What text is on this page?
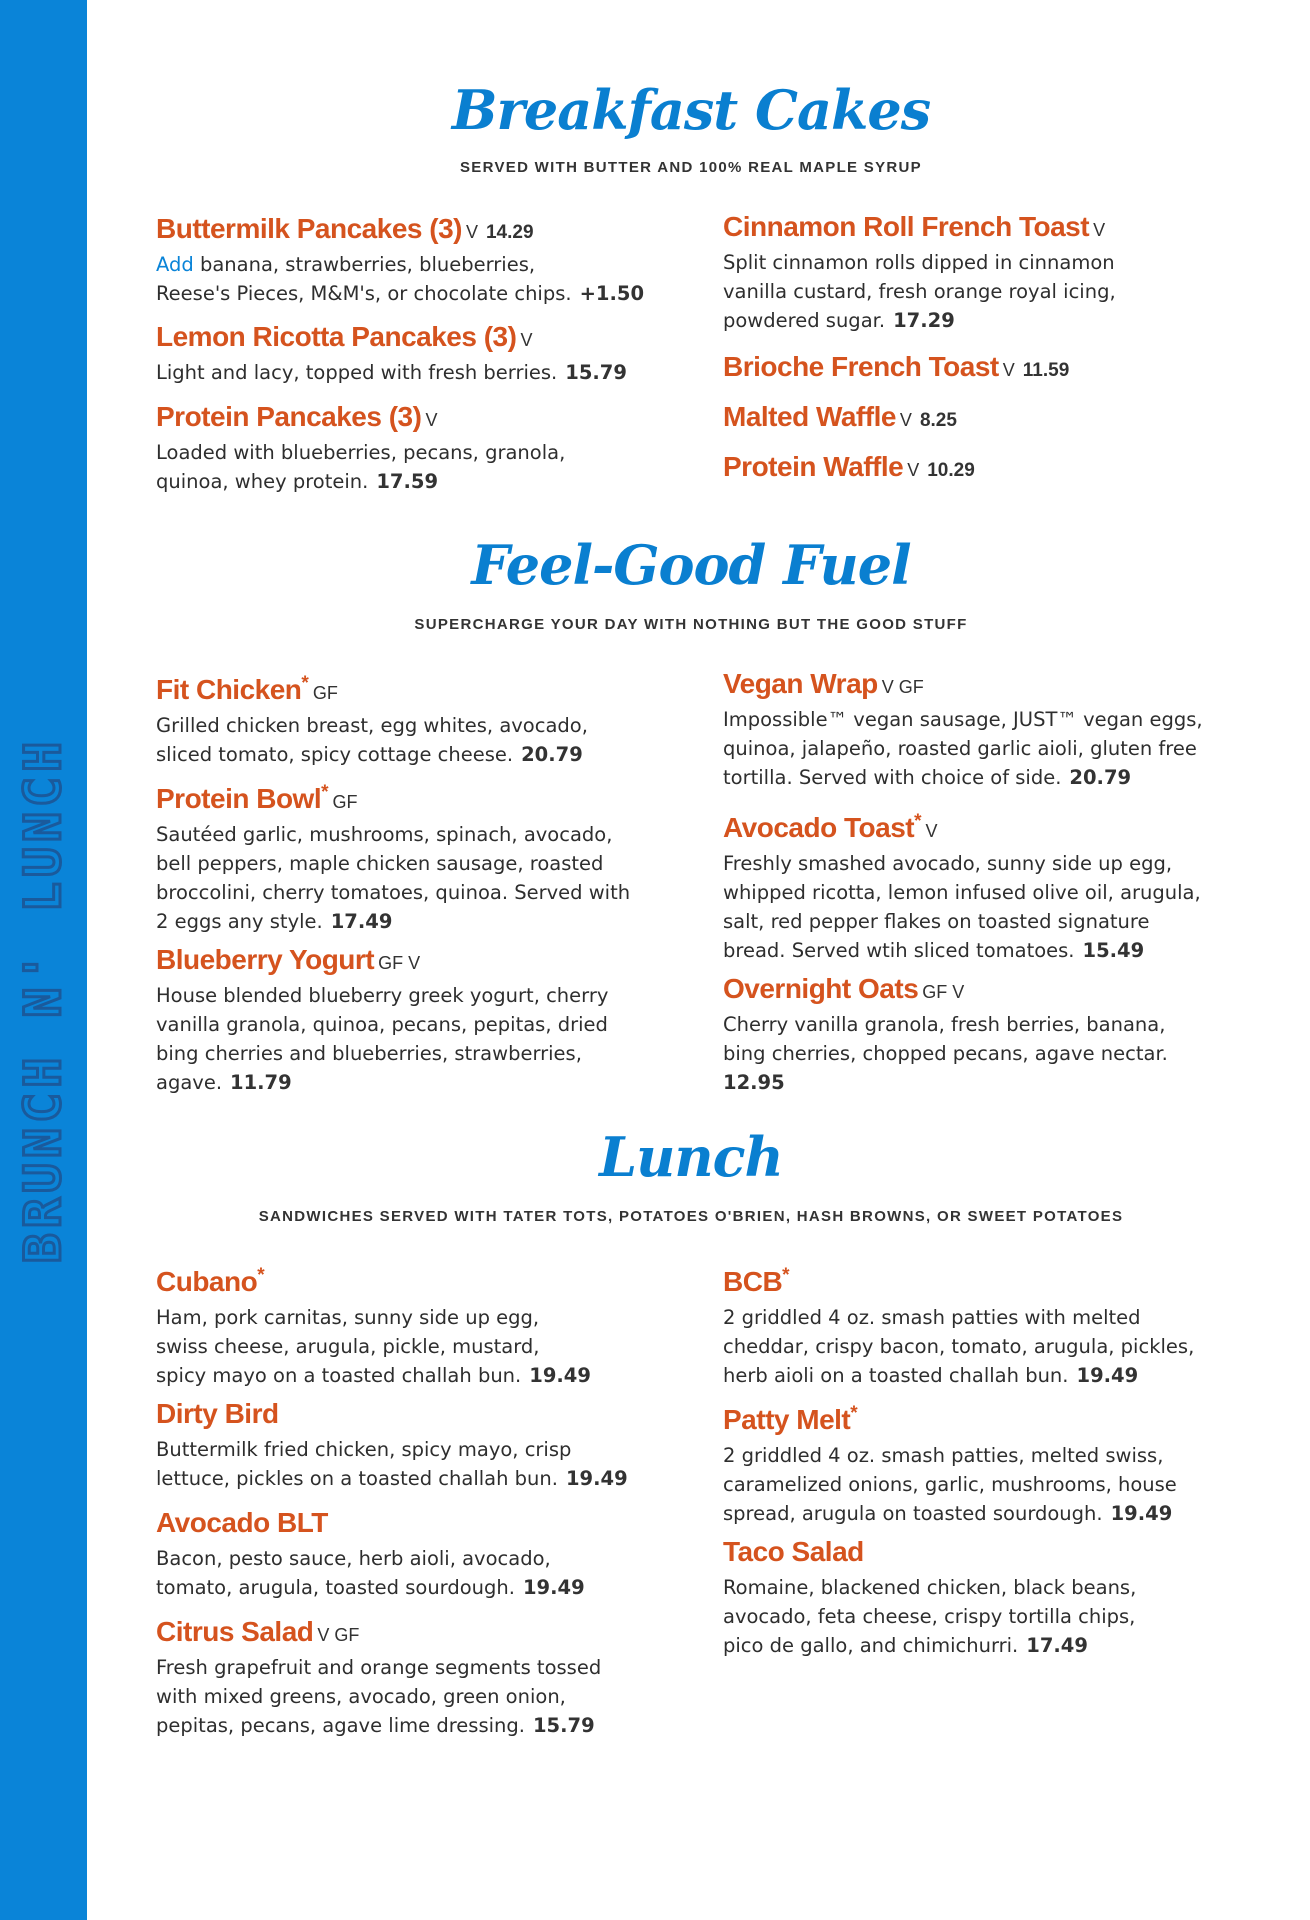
BRUNCH N' LUNCH
Breakfast Cakes

SERVED WITH BUTTER AND 100% REAL MAPLE SYRUP

Buttermilk Pancakes (3) V 14.29
Add banana, strawberries, blueberries,
Reese's Pieces, M&M's, or chocolate chips. +1.50
Lemon Ricotta Pancakes (3) V
Light and lacy, topped with fresh berries. 15.79
Protein Pancakes (3) V
Loaded with blueberries, pecans, granola,
quinoa, whey protein. 17.59
Cinnamon Roll French Toast V
Split cinnamon rolls dipped in cinnamon
vanilla custard, fresh orange royal icing,
powdered sugar. 17.29
Brioche French Toast V 11.59
Malted Waffle V 8.25
Protein Waffle V 10.29
Feel-Good Fuel

SUPERCHARGE YOUR DAY WITH NOTHING BUT THE GOOD STUFF

Fit Chicken* GF
Grilled chicken breast, egg whites, avocado,
sliced tomato, spicy cottage cheese. 20.79
Protein Bowl* GF
Sautéed garlic, mushrooms, spinach, avocado,
bell peppers, maple chicken sausage, roasted
broccolini, cherry tomatoes, quinoa. Served with
2 eggs any style. 17.49
Blueberry Yogurt GF V
House blended blueberry greek yogurt, cherry
vanilla granola, quinoa, pecans, pepitas, dried
bing cherries and blueberries, strawberries,
agave. 11.79
Vegan Wrap V GF
Impossible™ vegan sausage, JUST™ vegan eggs,
quinoa, jalapeño, roasted garlic aioli, gluten free
tortilla. Served with choice of side. 20.79
Avocado Toast* V
Freshly smashed avocado, sunny side up egg,
whipped ricotta, lemon infused olive oil, arugula,
salt, red pepper flakes on toasted signature
bread. Served wtih sliced tomatoes. 15.49
Overnight Oats GF V
Cherry vanilla granola, fresh berries, banana,
bing cherries, chopped pecans, agave nectar.
12.95
Lunch

SANDWICHES SERVED WITH TATER TOTS, POTATOES O'BRIEN, HASH BROWNS, OR SWEET POTATOES

Cubano*
Ham, pork carnitas, sunny side up egg,
swiss cheese, arugula, pickle, mustard,
spicy mayo on a toasted challah bun. 19.49
Dirty Bird
Buttermilk fried chicken, spicy mayo, crisp
lettuce, pickles on a toasted challah bun. 19.49
Avocado BLT
Bacon, pesto sauce, herb aioli, avocado,
tomato, arugula, toasted sourdough. 19.49
Citrus Salad V GF
Fresh grapefruit and orange segments tossed
with mixed greens, avocado, green onion,
pepitas, pecans, agave lime dressing. 15.79
BCB*
2 griddled 4 oz. smash patties with melted
cheddar, crispy bacon, tomato, arugula, pickles,
herb aioli on a toasted challah bun. 19.49
Patty Melt*
2 griddled 4 oz. smash patties, melted swiss,
caramelized onions, garlic, mushrooms, house
spread, arugula on toasted sourdough. 19.49
Taco Salad
Romaine, blackened chicken, black beans,
avocado, feta cheese, crispy tortilla chips,
pico de gallo, and chimichurri. 17.49
